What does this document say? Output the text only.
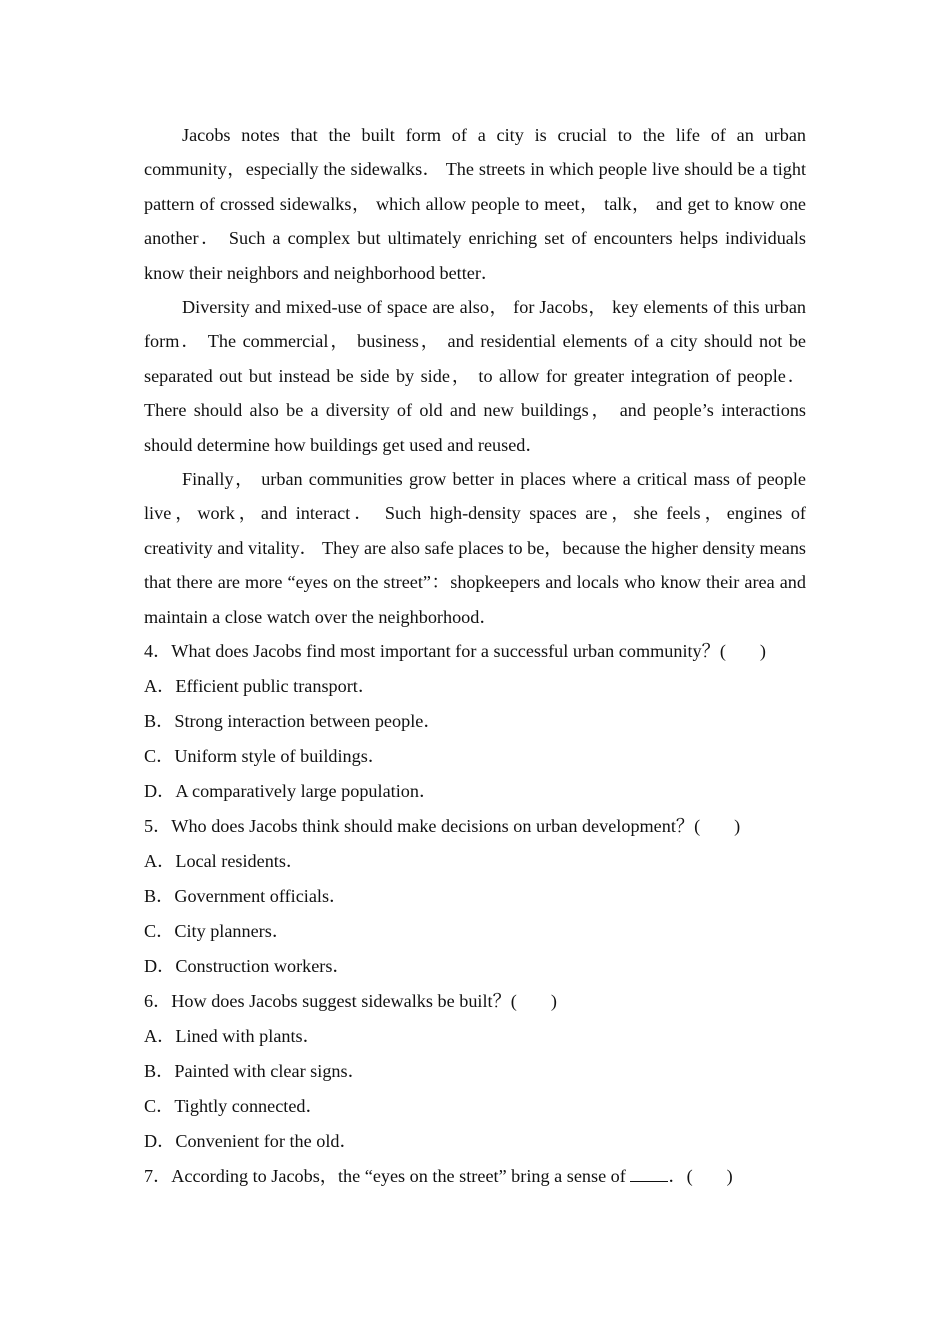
Jacobs notes that the built form of a city is crucial to the life of an urban community，especially the sidewalks． The streets in which people live should be a tight pattern of crossed sidewalks， which allow people to meet， talk， and get to know one another． Such a complex but ultimately enriching set of encounters helps individuals know their neighbors and neighborhood better．

Diversity and mixed-use of space are also， for Jacobs， key elements of this urban form． The commercial， business， and residential elements of a city should not be separated out but instead be side by side， to allow for greater integration of people． There should also be a diversity of old and new buildings， and people’s interactions should determine how buildings get used and reused．

Finally， urban communities grow better in places where a critical mass of people live，work，and interact． Such high-density spaces are，she feels，engines of creativity and vitality． They are also safe places to be，because the higher density means that there are more “eyes on the street”：shopkeepers and locals who know their area and maintain a close watch over the neighborhood．

4．What does Jacobs find most important for a successful urban community？( )

A．Efficient public transport．

B．Strong interaction between people．

C．Uniform style of buildings．

D．A comparatively large population．

5．Who does Jacobs think should make decisions on urban development？( )

A．Local residents．

B．Government officials．

C．City planners．

D．Construction workers．

6．How does Jacobs suggest sidewalks be built？( )

A．Lined with plants．

B．Painted with clear signs．

C．Tightly connected．

D．Convenient for the old．

7．According to Jacobs，the “eyes on the street” bring a sense of ．( )
